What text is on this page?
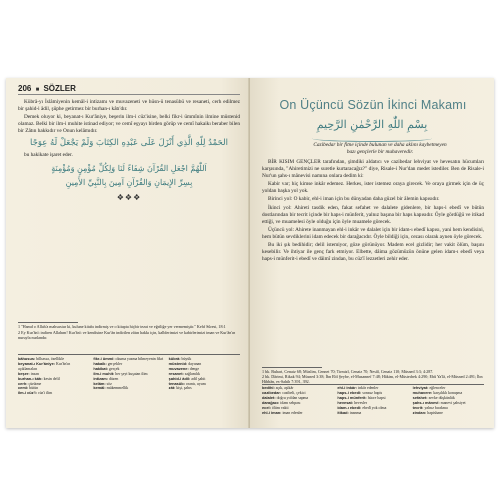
206 ■ SÖZLER

Kübrâ-yı İslâmiyenin kemâl-i intizamı ve muvazeneti ve hüsn-ü tenasübü ve resaneti, cerh edilmez bir şahid-i âdil, şüphe getirmez bir burhan-ı kâtı'dır.

Demek oluyor ki, beyanat-ı Kur'âniye, beşerin ilm-i cüz'isine, belki fikr-i ümmînin ilmine müstenid olamaz. Belki bir ilm-i muhite istinad ediyor; ve cemî eşyayı birden görüp ve cemî hakaikı beraber bilen bir Zâtın hakkıdır ve Onun kelâmıdır.

الحَمْدُ لِلّهِ الَّذِي أَنْزَلَ عَلَى عَبْدِهِ الكِتَابَ وَلَمْ يَجْعَلْ لَهُ عِوَجًا

bu hakikate işaret eder.

اَللّٰهُمَّ اجْعَلِ القُرْآنَ شِفَاءً لَنَا وَلِكُلِّ مُؤْمِنٍ وَمُؤْمِنَةٍ
بِسِرِّ الإِيمَانِ وَالقُرْآنِ آمِينَ بِالنَّبِيِّ الأَمِينِ
❖❖❖
1 "Hamd o Allah'a mahsustur ki, kulune kitabı indirmiş ve o kitapta hiçbir tezat ve eğriliğe yer vermemiştir." Kehf Sûresi, 18:1
2 Ey Kur'ân'ı indiren Allahım! Kur'ân'ı ve kendisine Kur'ân indirilen zâtın hakkı için, kalblerimizi ve kabirlerimizi iman ve Kur'ân'ın nuruyla nurlandır.
bâhusus: bilhassa, özellikle
beyanat-ı Kur'âniye: Kur'ân'ın açıklamaları
beşer: insan
burhan-ı kâtı: kesin delil
cerh: çürütme
cemî: bütün
ilm-i cüz'î: cüz'i ilim
fikr-i ümmî: okuma yazma bilmeyenin fikri
hakaik: gerçekler
hakikat: gerçek
ilm-i muhit: her şeyi kuşatan ilim
intizam: düzen
kelâm: söz
kemâl: mükemmellik
kübrâ: büyük
müstenid: dayanan
muvazene: denge
resanet: sağlamlık
şahid-i âdil: adil şahit
tenasüb: orantı, uyum
zât: kişi, şahıs
On Üçüncü Sözün İkinci Makamı
بِسْمِ اللّٰهِ الرَّحْمٰنِ الرَّحِيمِ
Cazibedar bir fitne içinde bulunan ve daha aklını kaybetmeyen bazı gençlerle bir muhaveredir.

BİR KISIM GENÇLER tarafından, şimdiki aldatıcı ve cazibedar lehviyat ve hevesatın hücumları karşısında, "Ahiretimizi ne suretle kurtaracağız?" diye, Risale-i Nur'dan medet istediler. Ben de Risale-i Nur'un şahs-ı mânevisi namına onlara dedim ki:

Kabir var; hiç kimse inkâr edemez. Herkes, ister istemez oraya girecek. Ve oraya girmek için de üç yoldan başka yol yok.

Birinci yol: O kabir, ehl-i iman için bu dünyadan daha güzel bir âlemin kapısıdır.

İkinci yol: Ahireti tasdik eden, fakat sefahet ve dalalete gidenlere, bir haps-i ebedî ve bütün dostlarından bir tecrit içinde bir haps-i münferit, yalnız başına bir haps kapısıdır. Öyle gördüğü ve itikad ettiği, ve muamelesi öyle olduğu için öyle muamele görecek.

Üçüncü yol: Ahirete inanmayan ehl-i inkâr ve dalalet için bir idam-ı ebedî kapısı, yani hem kendisini, hem bütün sevdiklerini idam edecek bir darağacıdır. Öyle bildiği için, cezası olarak aynen öyle görecek.

Bu iki şık bedihidir; delil istemiyor, göze görünüyor. Madem ecel gizlidir; her vakit ölüm, başını kesebilir. Ve ihtiyar ile genç fark etmiyor. Elbette, dâima gözümüzün önüne gelen idam-ı ebedî veya haps-i münferit-i ebedî ve dâimî zindan, bu cüz'î lezzetleri zehir eder.

1 bk. Buhari, Cenaiz 68; Müslim, Cennet 70; Tirmizî, Cenaiz 70; Nesâî, Cenaiz 110; Müsned 3:3; 4:287.
2 bk. Dârimi, Rikak 94; Müsned 3:38; İbn Ebî Şeybe, el-Musannef 7:48; Hâkim, el-Müstedrek 4:290; Ebû Ya'lâ, el-Müsned 2:491; İbn Hibbân, es-Sahih 7:391, 392.
bedihî: açık, aşikâr
cazibedar: cazibeli, çekici
dalalet: doğru yoldan sapma
darağacı: idam sehpası
ecel: ölüm vakti
ehl-i iman: iman edenler
ehl-i inkâr: inkâr edenler
haps-i ebedî: sonsuz hapis
haps-i münferit: hücre hapsi
hevesat: hevesler
idam-ı ebedî: ebedî yok olma
itikad: inanma
lehviyat: eğlenceler
muhavere: karşılıklı konuşma
sefahet: zevke düşkünlük
şahs-ı mânevî: manevi şahsiyet
tecrit: yalnız bırakma
zindan: hapishane
